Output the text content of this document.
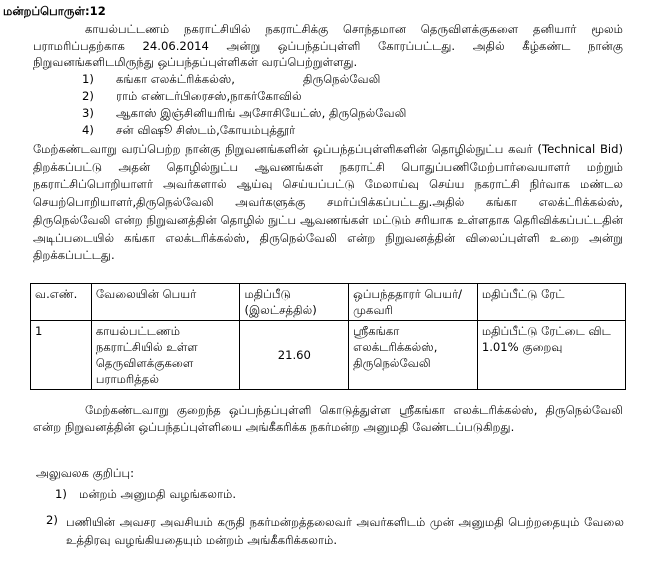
மன்றப்பொருள்:12
காயல்பட்டணம் நகராட்சியில் நகராட்சிக்கு சொந்தமான தெருவிளக்குகளை தனியார் மூலம் பராமரிப்பதற்காக 24.06.2014 அன்று ஒப்பந்தப்புள்ளி கோரப்பட்டது. அதில் கீழ்கண்ட நான்கு நிறுவனங்களிடமிருந்து ஒப்பந்தப்புள்ளிகள் வரப்பெற்றுள்ளது.
1) கங்கா எலக்ட்ரிக்கல்ஸ்,	திருநெல்வேலி
2) ராம் எண்டர்பிரைசஸ்,நாகர்கோவில்
3) ஆகாஸ் இஞ்சினியரிங் அசோசியேட்ஸ், திருநெல்வேலி
4) சன் விஷூ சிஸ்டம்,கோயம்புத்தூர்
மேற்கண்டவாறு வரப்பெற்ற நான்கு நிறுவனங்களின் ஒப்பந்தப்புள்ளிகளின் தொழில்நுட்ப கவர் (Technical Bid) திறக்கப்பட்டு அதன் தொழில்நுட்ப ஆவணங்கள் நகராட்சி பொதுப்பணிமேற்பார்வையாளர் மற்றும் நகராட்சிப்பொறியாளர் அவர்களால் ஆய்வு செய்யப்பட்டு மேலாய்வு செய்ய நகராட்சி நிர்வாக மண்டல செயற்பொறியாளர்,திருநெல்வேலி அவர்களுக்கு சமர்ப்பிக்கப்பட்டது.அதில் கங்கா எலக்ட்ரிக்கல்ஸ், திருநெல்வேலி என்ற நிறுவனத்தின் தொழில் நுட்ப ஆவணங்கள் மட்டும் சரியாக உள்ளதாக தெரிவிக்கப்பட்டதின் அடிப்படையில் கங்கா எலக்டரிக்கல்ஸ், திருநெல்வேலி என்ற நிறுவனத்தின் விலைப்புள்ளி உறை அன்று திறக்கப்பட்டது.
வ.எண்.	வேலையின் பெயர்	மதிப்பீடு (இலட்சத்தில்)	ஒப்பந்ததாரர் பெயர்/முகவரி	மதிப்பீட்டு ரேட்
1	காயல்பட்டணம் நகராட்சியில் உள்ள தெருவிளக்குகளை பராமரித்தல்	21.60	ஸ்ரீகங்கா எலக்டரிக்கல்ஸ், திருநெல்வேலி	மதிப்பீட்டு ரேட்டை விட 1.01% குறைவு
மேற்கண்டவாறு குறைந்த ஒப்பந்தப்புள்ளி கொடுத்துள்ள ஸ்ரீகங்கா எலக்டரிக்கல்ஸ், திருநெல்வேலி என்ற நிறுவனத்தின் ஒப்பந்தப்புள்ளியை அங்கீகரிக்க நகர்மன்ற அனுமதி வேண்டப்படுகிறது.
அலுவலக குறிப்பு:
1) மன்றம் அனுமதி வழங்கலாம்.
2) பணியின் அவசர அவசியம் கருதி நகர்மன்றத்தலைவர் அவர்களிடம் முன் அனுமதி பெற்றதையும் வேலை உத்திரவு வழங்கியதையும் மன்றம் அங்கீகரிக்கலாம்.
